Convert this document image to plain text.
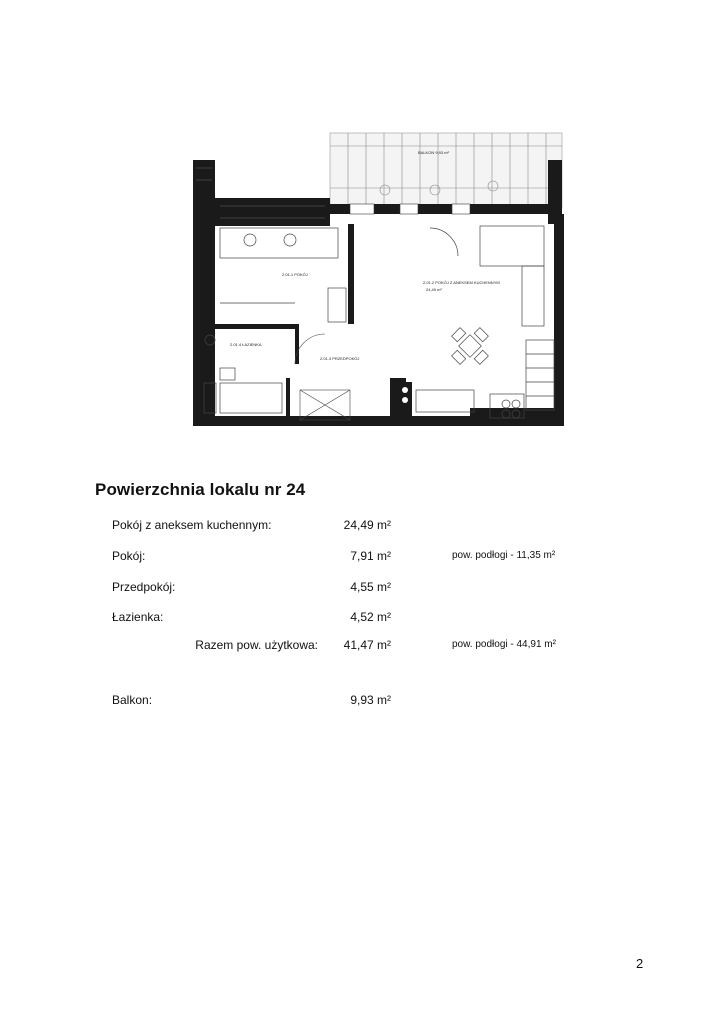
BALKON 9,93 m²
2.01.1 POKÓJ
2.01.4 ŁAZIENKA
2.01.3 PRZEDPOKÓJ
2.01.2 POKÓJ Z ANEKSEM KUCHENNYM
24,49 m²
Powierzchnia lokalu nr 24
Pokój z aneksem kuchennym:	24,49 m²
Pokój:	7,91 m²	pow. podłogi - 11,35 m²
Przedpokój:	4,55 m²
Łazienka:	4,52 m²
Razem pow. użytkowa:	41,47 m²	pow. podłogi - 44,91 m²
Balkon:	9,93 m²
2
